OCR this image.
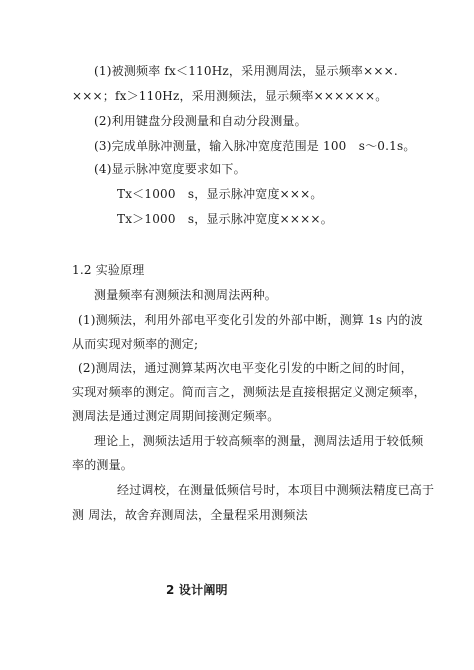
(1)被测频率 fx＜110Hz，采用测周法，显示频率×××.
×××；fx＞110Hz，采用测频法，显示频率××××××。
(2)利用键盘分段测量和自动分段测量。
(3)完成单脉冲测量，输入脉冲宽度范围是 100　s～0.1s。
(4)显示脉冲宽度要求如下。
Tx＜1000　s，显示脉冲宽度×××。
Tx＞1000　s，显示脉冲宽度××××。
1.2 实验原理
测量频率有测频法和测周法两种。
(1)测频法，利用外部电平变化引发的外部中断，测算 1s 内的波
从而实现对频率的测定;
(2)测周法，通过测算某两次电平变化引发的中断之间的时间，
实现对频率的测定。简而言之，测频法是直接根据定义测定频率，
测周法是通过测定周期间接测定频率。
理论上，测频法适用于较高频率的测量，测周法适用于较低频
率的测量。
经过调校，在测量低频信号时，本项目中测频法精度已高于
测 周法，故舍弃测周法，全量程采用测频法
2 设计阐明
